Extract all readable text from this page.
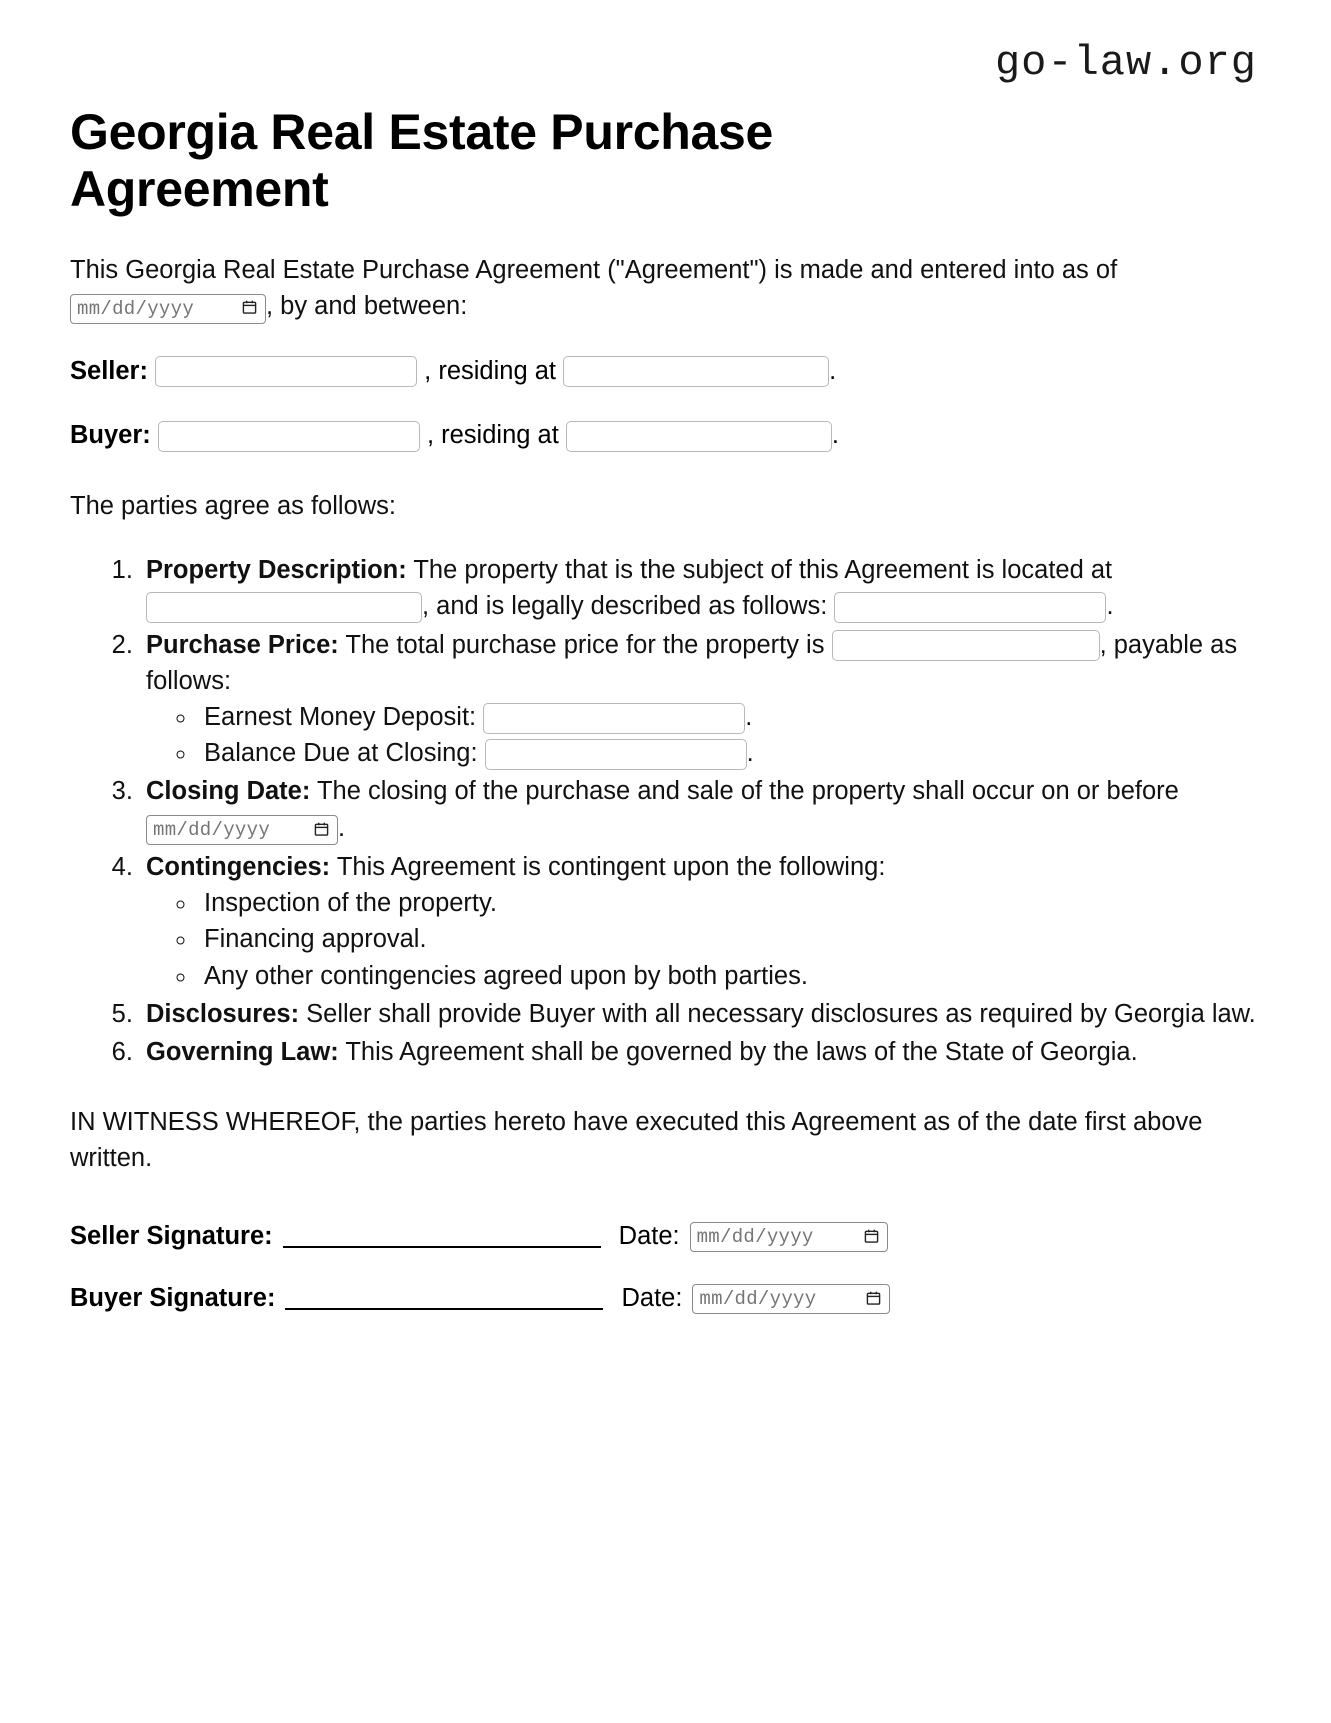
go-law.org
Georgia Real Estate Purchase Agreement

This Georgia Real Estate Purchase Agreement ("Agreement") is made and entered into as of mm/dd/yyyy
, by and between:

Seller:	, residing at	.
Buyer:	, residing at	.

The parties agree as follows:

1. Property Description: The property that is the subject of this Agreement is located at , and is legally described as follows:	.
2. Purchase Price: The total purchase price for the property is	, payable as follows:
◦ Earnest Money Deposit:	.
◦ Balance Due at Closing:	.
3. Closing Date: The closing of the purchase and sale of the property shall occur on or before mm/dd/yyyy
.
4. Contingencies: This Agreement is contingent upon the following:
◦ Inspection of the property.
◦ Financing approval.
◦ Any other contingencies agreed upon by both parties.
5. Disclosures: Seller shall provide Buyer with all necessary disclosures as required by Georgia law.
6. Governing Law: This Agreement shall be governed by the laws of the State of Georgia.

IN WITNESS WHEREOF, the parties hereto have executed this Agreement as of the date first above written.

Seller Signature:	Date:
mm/dd/yyyy
Buyer Signature:	Date:
mm/dd/yyyy
